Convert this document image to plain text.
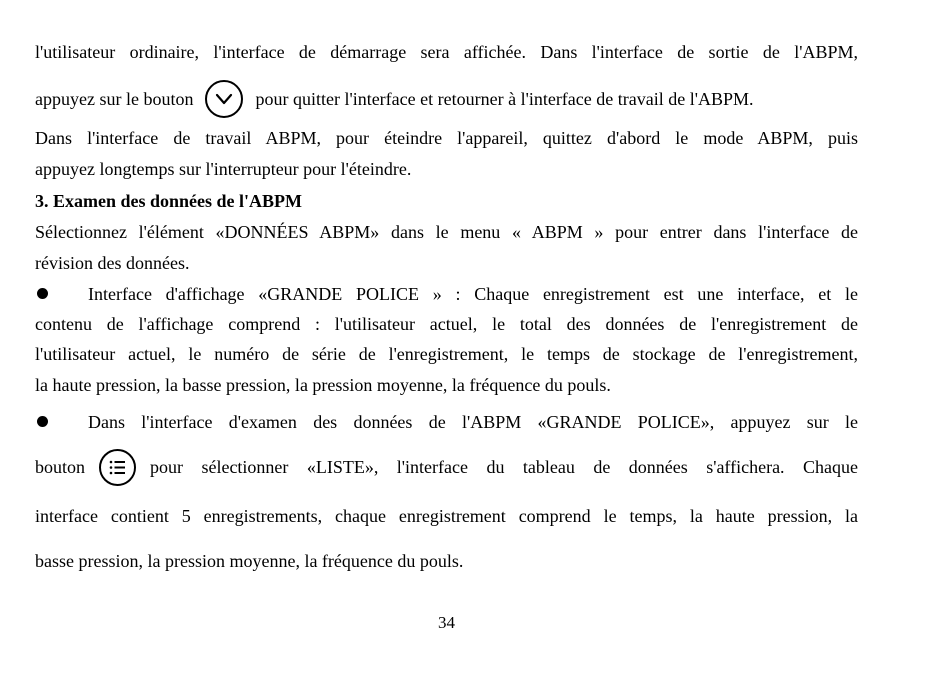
l'utilisateur ordinaire, l'interface de démarrage sera affichée. Dans l'interface de sortie de l'ABPM,
appuyez sur le bouton	pour quitter l'interface et retourner à l'interface de travail de l'ABPM.
Dans l'interface de travail ABPM, pour éteindre l'appareil, quittez d'abord le mode ABPM, puis
appuyez longtemps sur l'interrupteur pour l'éteindre.
3. Examen des données de l'ABPM
Sélectionnez l'élément «DONNÉES ABPM» dans le menu « ABPM » pour entrer dans l'interface de
révision des données.
Interface d'affichage «GRANDE POLICE » : Chaque enregistrement est une interface, et le
contenu de l'affichage comprend : l'utilisateur actuel, le total des données de l'enregistrement de
l'utilisateur actuel, le numéro de série de l'enregistrement, le temps de stockage de l'enregistrement,
la haute pression, la basse pression, la pression moyenne, la fréquence du pouls.
Dans l'interface d'examen des données de l'ABPM «GRANDE POLICE», appuyez sur le
bouton	pour sélectionner «LISTE», l'interface du tableau de données s'affichera. Chaque
interface contient 5 enregistrements, chaque enregistrement comprend le temps, la haute pression, la
basse pression, la pression moyenne, la fréquence du pouls.
34
